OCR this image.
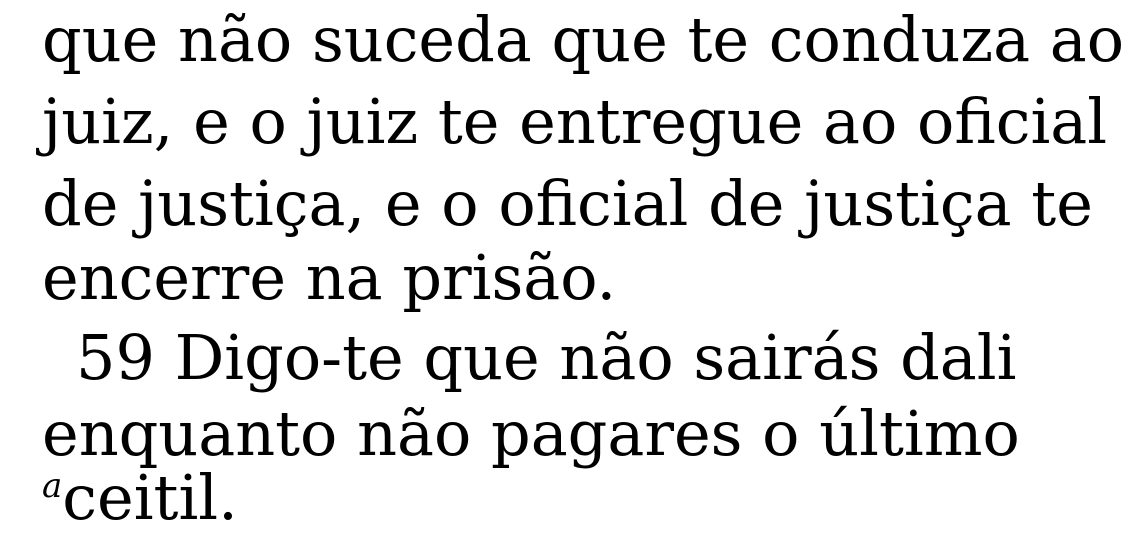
que não suceda que te conduza ao
juiz, e o juiz te entregue ao oficial
de justiça, e o oficial de justiça te
encerre na prisão.
59 Digo-te que não sairás dali
enquanto não pagares o último
$^a$ceitil.
